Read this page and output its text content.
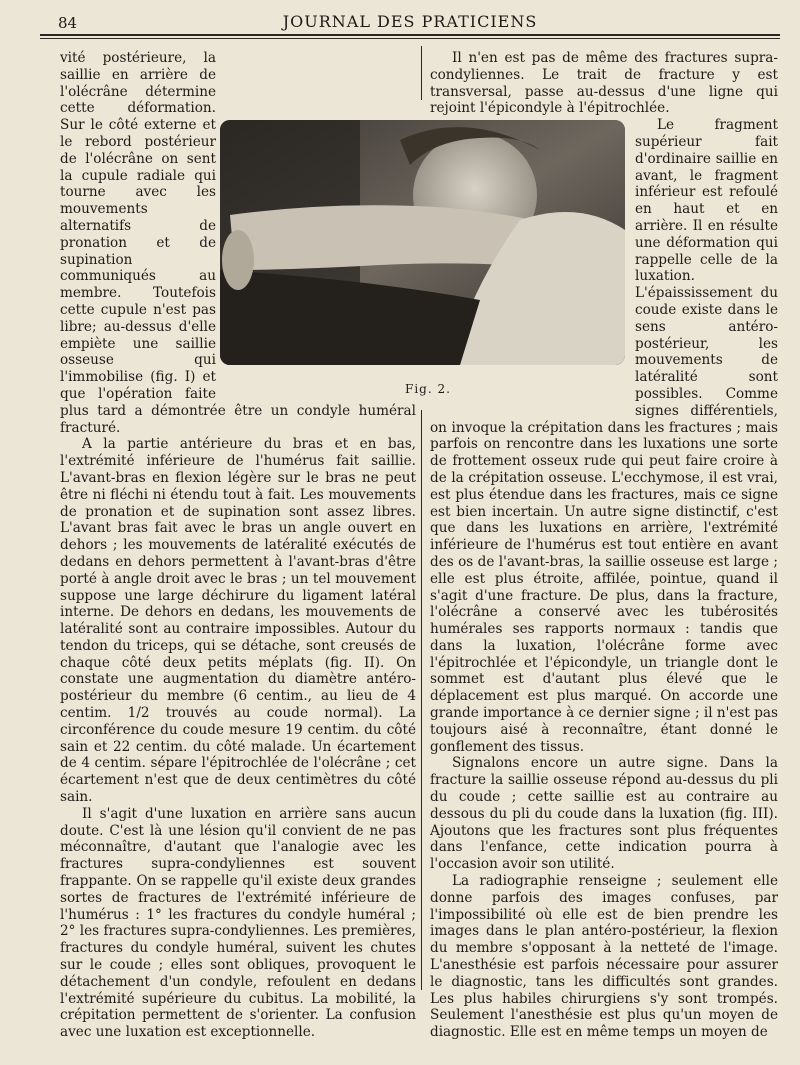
84	JOURNAL DES PRATICIENS

vité postérieure, la saillie en arrière de l'olécrâne détermine cette déformation. Sur le côté externe et le rebord postérieur de l'olécrâne on sent la cupule radiale qui tourne avec les mouvements alternatifs de pronation et de supination communiqués au membre. Toutefois cette cupule n'est pas libre; au-dessus d'elle empiète une saillie osseuse qui l'immobilise (fig. I) et que l'opération faite plus tard a démontrée être un condyle huméral fracturé.

A la partie antérieure du bras et en bas, l'extrémité inférieure de l'humérus fait saillie. L'avant-bras en flexion légère sur le bras ne peut être ni fléchi ni étendu tout à fait. Les mouvements de pronation et de supination sont assez libres. L'avant bras fait avec le bras un angle ouvert en dehors ; les mouvements de latéralité exécutés de dedans en dehors permettent à l'avant-bras d'être porté à angle droit avec le bras ; un tel mouvement suppose une large déchirure du ligament latéral interne. De dehors en dedans, les mouvements de latéralité sont au contraire impossibles. Autour du tendon du triceps, qui se détache, sont creusés de chaque côté deux petits méplats (fig. II). On constate une augmentation du diamètre antéro-postérieur du membre (6 centim., au lieu de 4 centim. 1/2 trouvés au coude normal). La circonférence du coude mesure 19 centim. du côté sain et 22 centim. du côté malade. Un écartement de 4 centim. sépare l'épitrochlée de l'olécrâne ; cet écartement n'est que de deux centimètres du côté sain.

Il s'agit d'une luxation en arrière sans aucun doute. C'est là une lésion qu'il convient de ne pas méconnaître, d'autant que l'analogie avec les fractures supra-condyliennes est souvent frappante. On se rappelle qu'il existe deux grandes sortes de fractures de l'extrémité inférieure de l'humérus : 1° les fractures du condyle huméral ; 2° les fractures supra-condyliennes. Les premières, fractures du condyle huméral, suivent les chutes sur le coude ; elles sont obliques, provoquent le détachement d'un condyle, refoulent en dedans l'extrémité supérieure du cubitus. La mobilité, la crépitation permettent de s'orienter. La confusion avec une luxation est exceptionnelle.

Il n'en est pas de même des fractures supra-condyliennes. Le trait de fracture y est transversal, passe au-dessus d'une ligne qui rejoint l'épicondyle à l'épitrochlée.

Le fragment supérieur fait d'ordinaire saillie en avant, le fragment inférieur est refoulé en haut et en arrière. Il en résulte une déformation qui rappelle celle de la luxation. L'épaississement du coude existe dans le sens antéro-postérieur, les mouvements de latéralité sont possibles. Comme signes différentiels, on invoque la crépitation dans les fractures ; mais parfois on rencontre dans les luxations une sorte de frottement osseux rude qui peut faire croire à de la crépitation osseuse. L'ecchymose, il est vrai, est plus étendue dans les fractures, mais ce signe est bien incertain. Un autre signe distinctif, c'est que dans les luxations en arrière, l'extrémité inférieure de l'humérus est tout entière en avant des os de l'avant-bras, la saillie osseuse est large ; elle est plus étroite, affilée, pointue, quand il s'agit d'une fracture. De plus, dans la fracture, l'olécrâne a conservé avec les tubérosités humérales ses rapports normaux : tandis que dans la luxation, l'olécrâne forme avec l'épitrochlée et l'épicondyle, un triangle dont le sommet est d'autant plus élevé que le déplacement est plus marqué. On accorde une grande importance à ce dernier signe ; il n'est pas toujours aisé à reconnaître, étant donné le gonflement des tissus.

Signalons encore un autre signe. Dans la fracture la saillie osseuse répond au-dessus du pli du coude ; cette saillie est au contraire au dessous du pli du coude dans la luxation (fig. III). Ajoutons que les fractures sont plus fréquentes dans l'enfance, cette indication pourra à l'occasion avoir son utilité.

La radiographie renseigne ; seulement elle donne parfois des images confuses, par l'impossibilité où elle est de bien prendre les images dans le plan antéro-postérieur, la flexion du membre s'opposant à la netteté de l'image. L'anesthésie est parfois nécessaire pour assurer le diagnostic, tans les difficultés sont grandes. Les plus habiles chirurgiens s'y sont trompés. Seulement l'anesthésie est plus qu'un moyen de diagnostic. Elle est en même temps un moyen de

Fig. 2.
